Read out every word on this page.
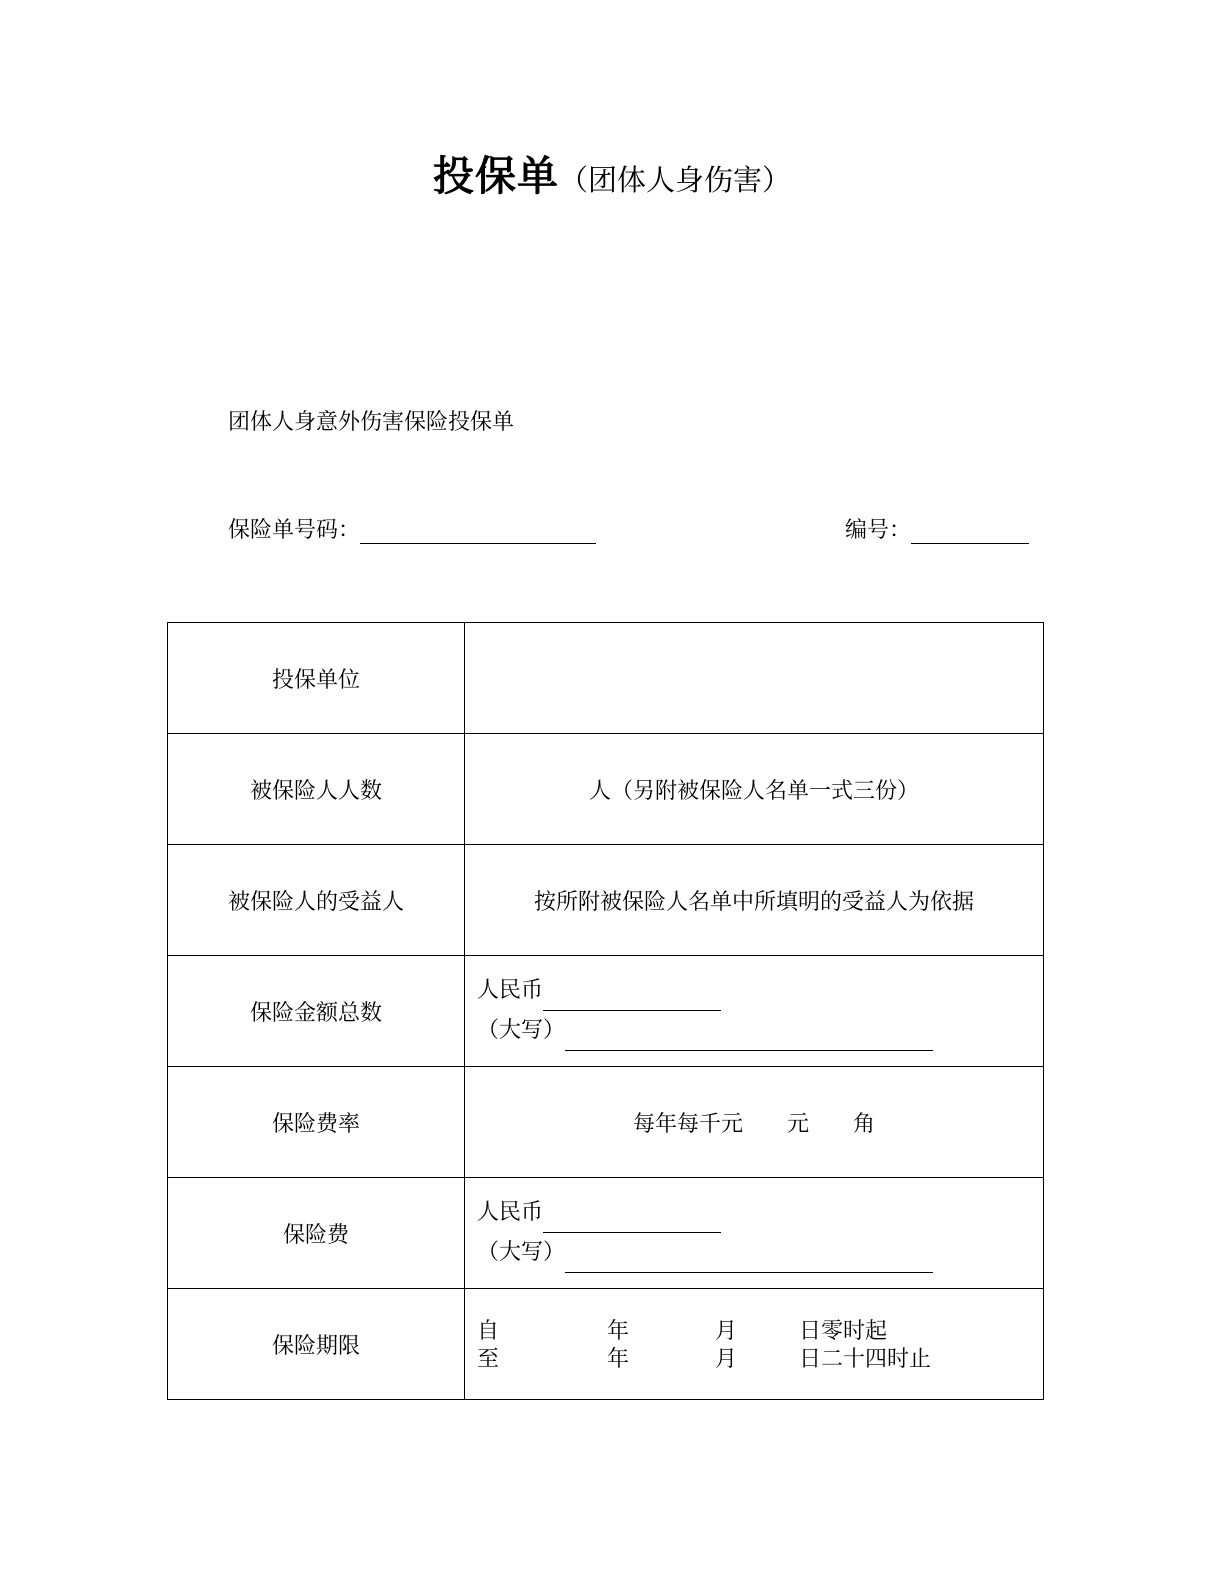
投保单（团体人身伤害）
团体人身意外伤害保险投保单
保险单号码：	编号：
投保单位	
被保险人人数	人（另附被保险人名单一式三份）
被保险人的受益人	按所附被保险人名单中所填明的受益人为依据
保险金额总数	人民币
（大写）

保险费率	每年每千元　　元　　角
保险费	人民币
（大写）

保险期限	自 年 月 日零时起
至 年 月 日二十四时止
